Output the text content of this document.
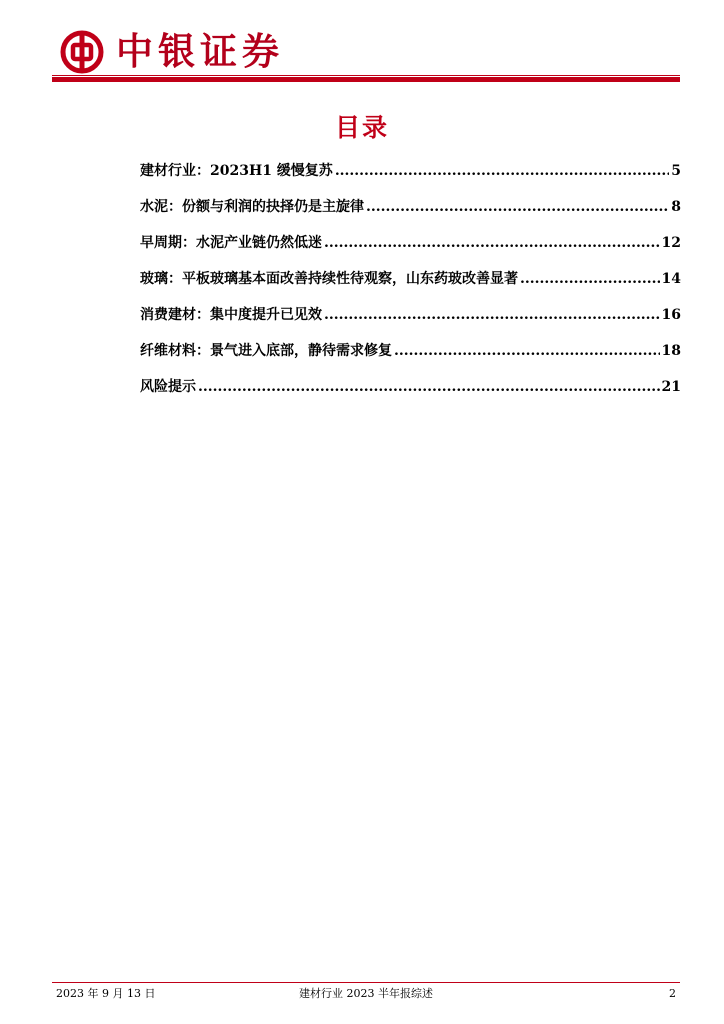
中银证券
目录
建材行业：2023H1 缓慢复苏 .....	5
水泥：份额与利润的抉择仍是主旋律 .....	8
早周期：水泥产业链仍然低迷 .....	12
玻璃：平板玻璃基本面改善持续性待观察，山东药玻改善显著 .....	14
消费建材：集中度提升已见效 .....	16
纤维材料：景气进入底部，静待需求修复 .....	18
风险提示 .....	21
建材行业 2023 半年报综述
2023 年 9 月 13 日	2
